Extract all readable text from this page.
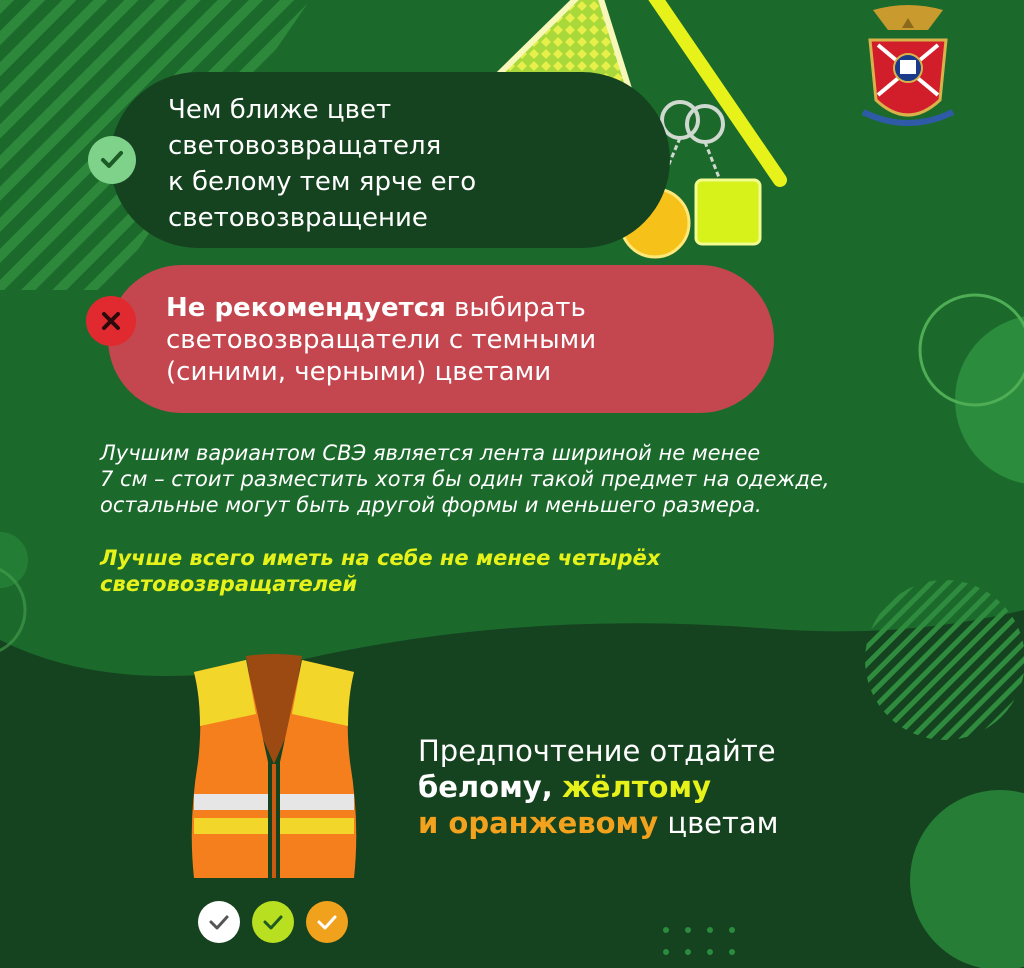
Чем ближе цвет
световозвращателя
к белому тем ярче его
световозвращение
Не рекомендуется выбирать
световозвращатели с темными
(синими, черными) цветами
Лучшим вариантом СВЭ является лента шириной не менее
7 см – стоит разместить хотя бы один такой предмет на одежде,
остальные могут быть другой формы и меньшего размера.
Лучше всего иметь на себе не менее четырёх
световозвращателей
Предпочтение отдайте
белому, жёлтому
и оранжевому цветам
